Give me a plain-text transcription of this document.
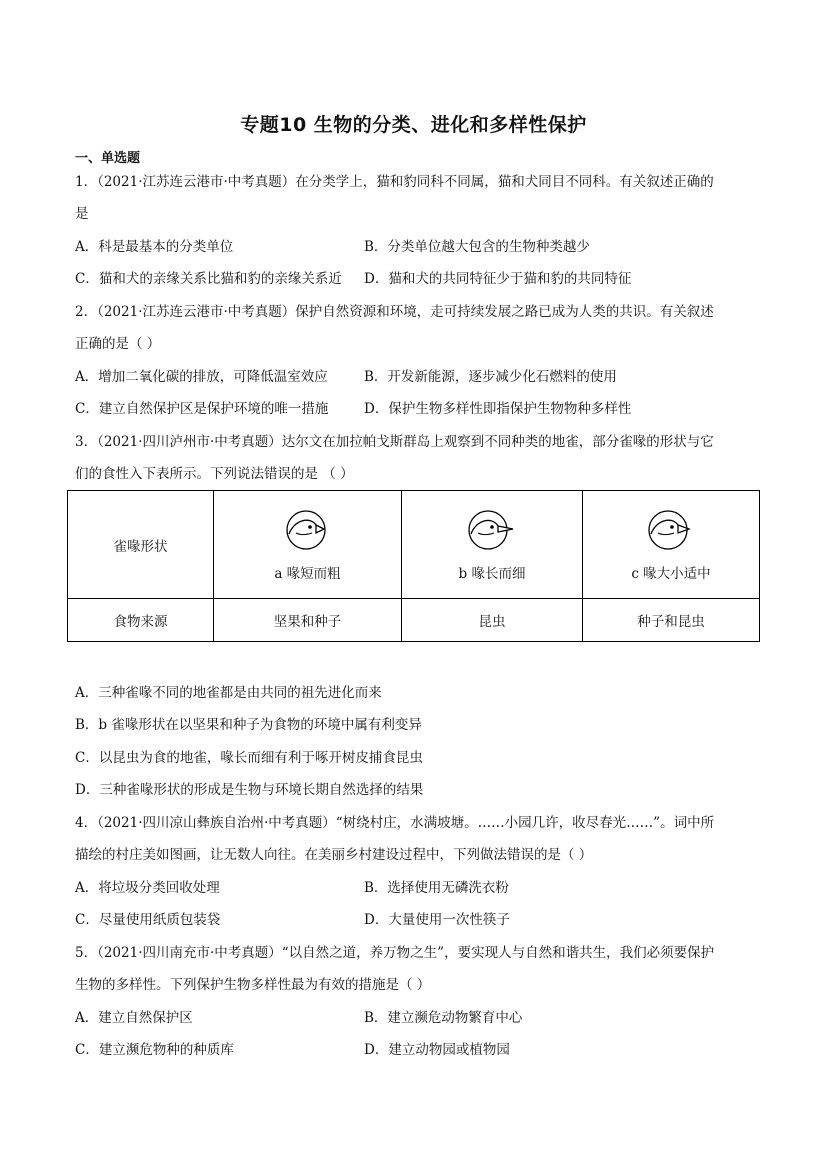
专题10 生物的分类、进化和多样性保护
一、单选题
1．（2021·江苏连云港市·中考真题）在分类学上，猫和豹同科不同属，猫和犬同目不同科。有关叙述正确的
是
A．科是最基本的分类单位	B．分类单位越大包含的生物种类越少
C．猫和犬的亲缘关系比猫和豹的亲缘关系近 D．猫和犬的共同特征少于猫和豹的共同特征
2．（2021·江苏连云港市·中考真题）保护自然资源和环境，走可持续发展之路已成为人类的共识。有关叙述
正确的是（ ）
A．增加二氧化碳的排放，可降低温室效应	B．开发新能源，逐步减少化石燃料的使用
C．建立自然保护区是保护环境的唯一措施	D．保护生物多样性即指保护生物物种多样性
3．（2021·四川泸州市·中考真题）达尔文在加拉帕戈斯群岛上观察到不同种类的地雀，部分雀喙的形状与它
们的食性入下表所示。下列说法错误的是 （ ）
雀喙形状	a 喙短而粗	b 喙长而细	c 喙大小适中
食物来源	坚果和种子	昆虫	种子和昆虫
A．三种雀喙不同的地雀都是由共同的祖先进化而来
B．b 雀喙形状在以坚果和种子为食物的环境中属有利变异
C．以昆虫为食的地雀，喙长而细有利于啄开树皮捕食昆虫
D．三种雀喙形状的形成是生物与环境长期自然选择的结果
4．（2021·四川凉山彝族自治州·中考真题）“树绕村庄，水满坡塘。……小园几许，收尽春光……”。词中所
描绘的村庄美如图画，让无数人向往。在美丽乡村建设过程中，下列做法错误的是（ ）
A．将垃圾分类回收处理	B．选择使用无磷洗衣粉
C．尽量使用纸质包装袋	D．大量使用一次性筷子
5．（2021·四川南充市·中考真题）“以自然之道，养万物之生”，要实现人与自然和谐共生，我们必须要保护
生物的多样性。下列保护生物多样性最为有效的措施是（ ）
A．建立自然保护区	B．建立濒危动物繁育中心
C．建立濒危物种的种质库	D．建立动物园或植物园
